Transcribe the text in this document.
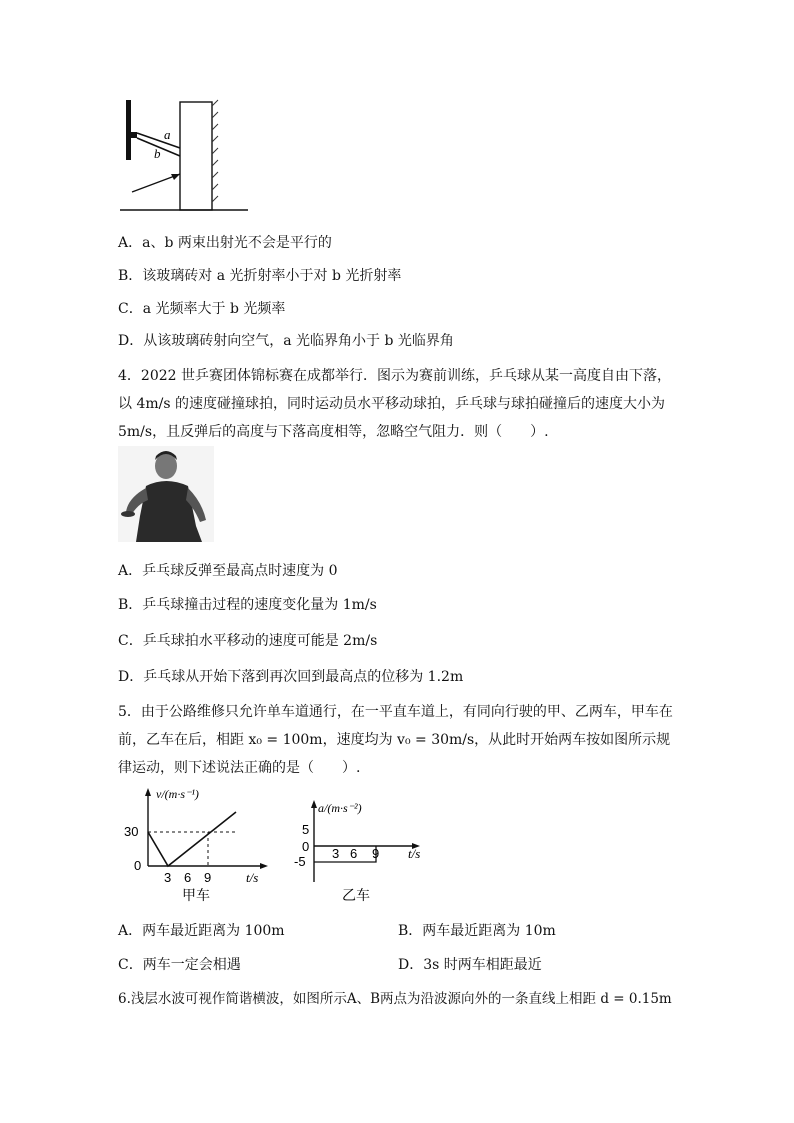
a
b
A．a、b 两束出射光不会是平行的
B．该玻璃砖对 a 光折射率小于对 b 光折射率
C．a 光频率大于 b 光频率
D．从该玻璃砖射向空气，a 光临界角小于 b 光临界角
4．2022 世乒赛团体锦标赛在成都举行．图示为赛前训练，乒乓球从某一高度自由下落，以 4m/s 的速度碰撞球拍，同时运动员水平移动球拍，乒乓球与球拍碰撞后的速度大小为 5m/s，且反弹后的高度与下落高度相等，忽略空气阻力．则（　　）.
A．乒乓球反弹至最高点时速度为 0
B．乒乓球撞击过程的速度变化量为 1m/s
C．乒乓球拍水平移动的速度可能是 2m/s
D．乒乓球从开始下落到再次回到最高点的位移为 1.2m
5．由于公路维修只允许单车道通行，在一平直车道上，有同向行驶的甲、乙两车，甲车在前，乙车在后，相距 x₀ = 100m，速度均为 v₀ = 30m/s，从此时开始两车按如图所示规律运动，则下述说法正确的是（　　）.
v/(m·s⁻¹)
30
0
3 6 9	t/s
甲车
a/(m·s⁻²)
5
0
-5
3 6 9 t/s
乙车
A．两车最近距离为 100m	B．两车最近距离为 10m
C．两车一定会相遇	D．3s 时两车相距最近
6.浅层水波可视作简谐横波，如图所示A、B两点为沿波源向外的一条直线上相距 d = 0.15m
